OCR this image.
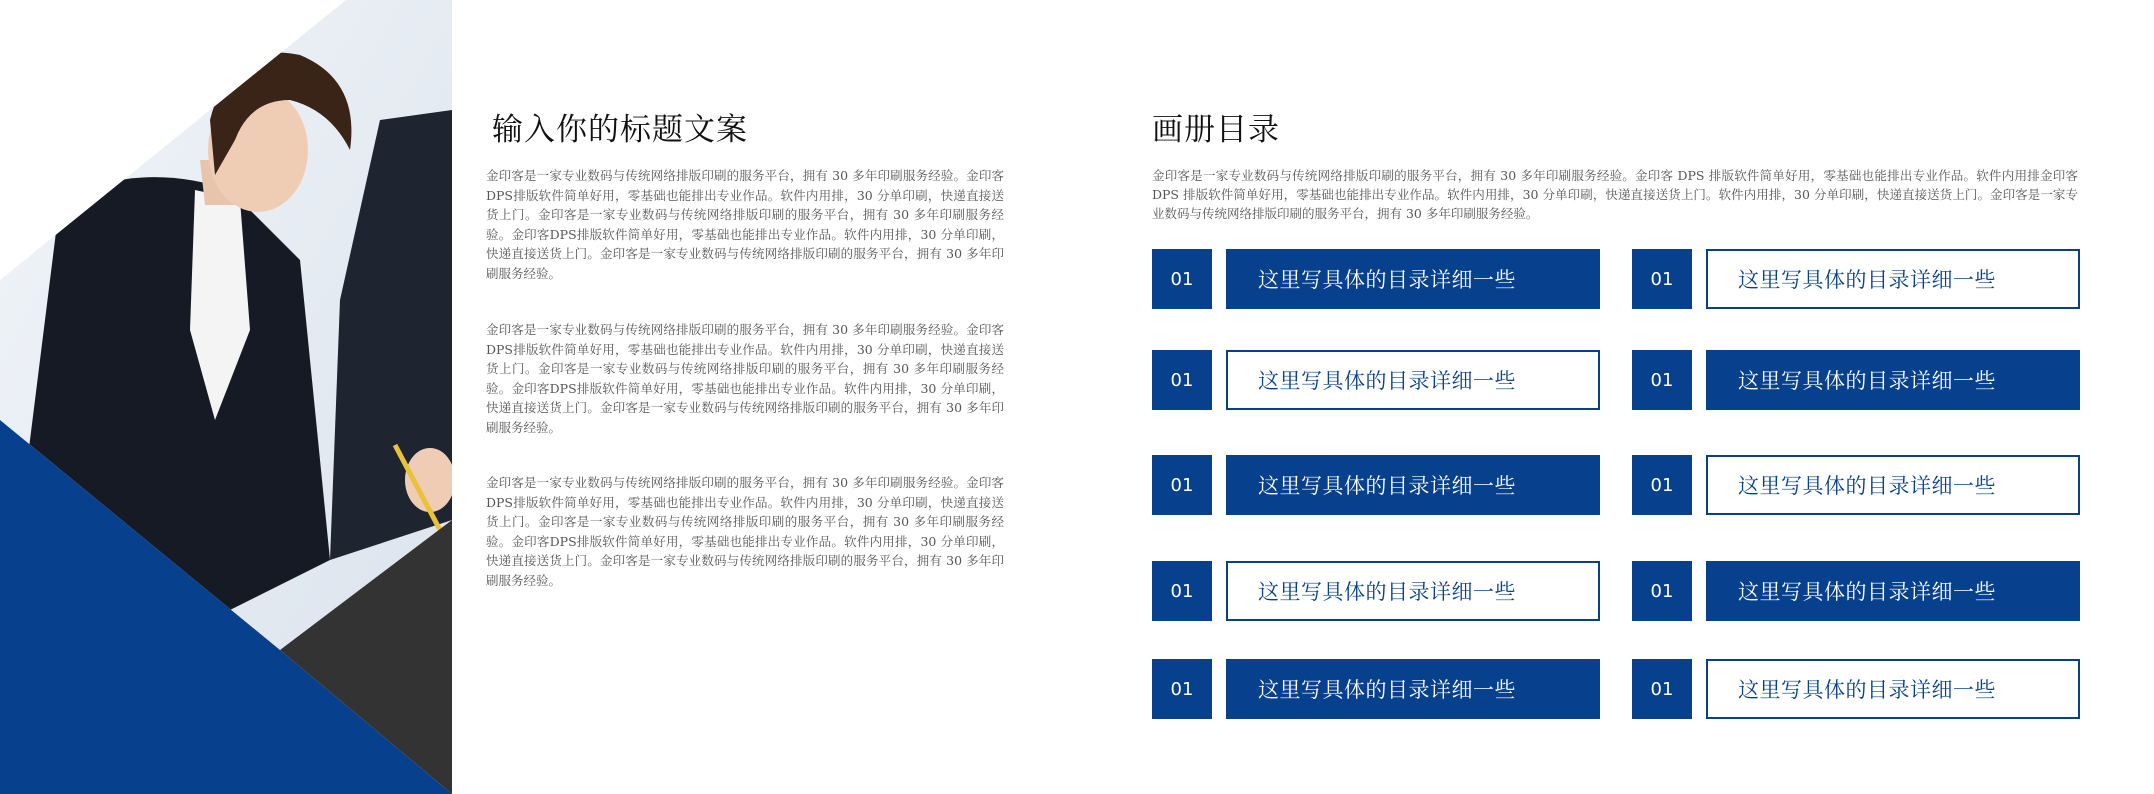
输入你的标题文案

金印客是一家专业数码与传统网络排版印刷的服务平台，拥有 30 多年印刷服务经验。金印客DPS排版软件简单好用，零基础也能排出专业作品。软件内用排，30 分单印刷，快递直接送货上门。金印客是一家专业数码与传统网络排版印刷的服务平台，拥有 30 多年印刷服务经验。金印客DPS排版软件简单好用，零基础也能排出专业作品。软件内用排，30 分单印刷，快递直接送货上门。金印客是一家专业数码与传统网络排版印刷的服务平台，拥有 30 多年印刷服务经验。

金印客是一家专业数码与传统网络排版印刷的服务平台，拥有 30 多年印刷服务经验。金印客DPS排版软件简单好用，零基础也能排出专业作品。软件内用排，30 分单印刷，快递直接送货上门。金印客是一家专业数码与传统网络排版印刷的服务平台，拥有 30 多年印刷服务经验。金印客DPS排版软件简单好用，零基础也能排出专业作品。软件内用排，30 分单印刷，快递直接送货上门。金印客是一家专业数码与传统网络排版印刷的服务平台，拥有 30 多年印刷服务经验。

金印客是一家专业数码与传统网络排版印刷的服务平台，拥有 30 多年印刷服务经验。金印客DPS排版软件简单好用，零基础也能排出专业作品。软件内用排，30 分单印刷，快递直接送货上门。金印客是一家专业数码与传统网络排版印刷的服务平台，拥有 30 多年印刷服务经验。金印客DPS排版软件简单好用，零基础也能排出专业作品。软件内用排，30 分单印刷，快递直接送货上门。金印客是一家专业数码与传统网络排版印刷的服务平台，拥有 30 多年印刷服务经验。

画册目录

金印客是一家专业数码与传统网络排版印刷的服务平台，拥有 30 多年印刷服务经验。金印客 DPS 排版软件简单好用，零基础也能排出专业作品。软件内用排金印客 DPS 排版软件简单好用，零基础也能排出专业作品。软件内用排，30 分单印刷，快递直接送货上门。软件内用排，30 分单印刷，快递直接送货上门。金印客是一家专业数码与传统网络排版印刷的服务平台，拥有 30 多年印刷服务经验。

01	这里写具体的目录详细一些
01	这里写具体的目录详细一些
01	这里写具体的目录详细一些
01	这里写具体的目录详细一些
01	这里写具体的目录详细一些
01	这里写具体的目录详细一些
01	这里写具体的目录详细一些
01	这里写具体的目录详细一些
01	这里写具体的目录详细一些
01	这里写具体的目录详细一些
